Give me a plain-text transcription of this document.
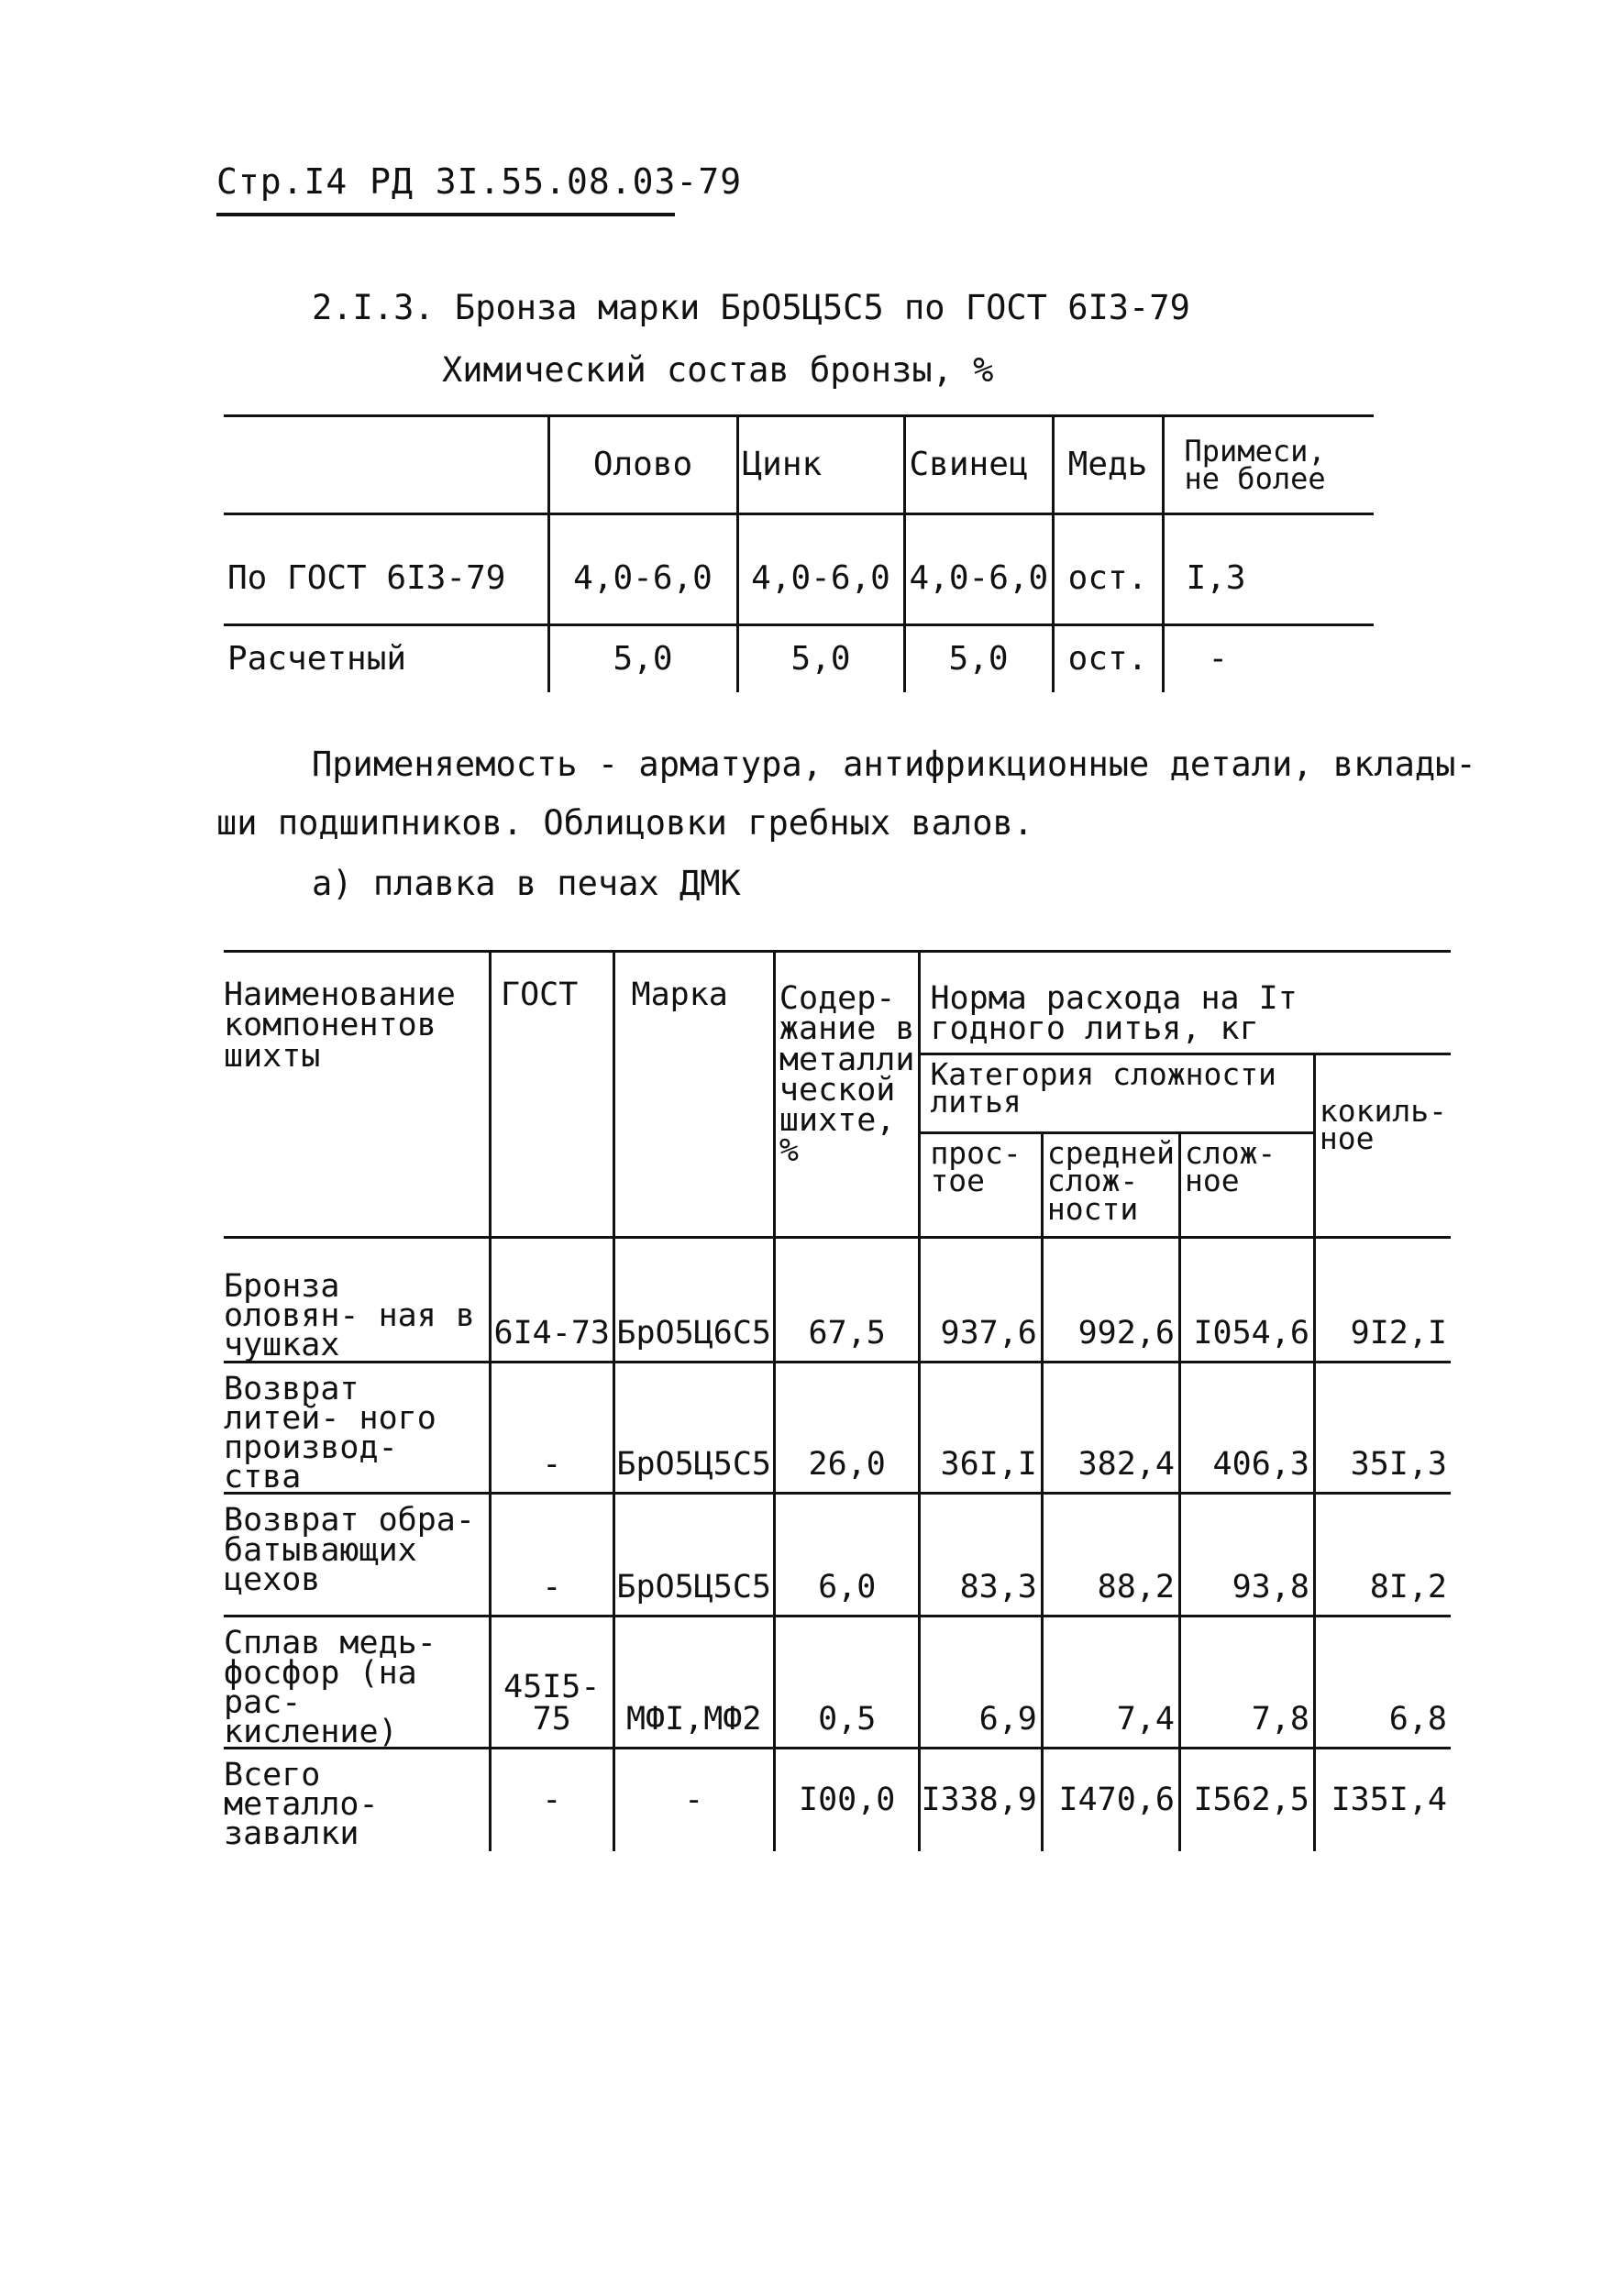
Стр.I4 РД 3I.55.08.03-79
2.I.3. Бронза марки БрО5Ц5С5 по ГОСТ 6I3-79
Химический состав бронзы, %
	Олово	Цинк	Свинец	Медь	Примеси, не более
По ГОСТ 6I3-79	4,0-6,0	4,0-6,0	4,0-6,0	ост.	I,3
Расчетный	5,0	5,0	5,0	ост.	-
Применяемость - арматура, антифрикционные детали, вклады-
ши подшипников. Облицовки гребных валов.
а) плавка в печах ДМК
Наименование компонентов шихты	ГОСТ	Марка	Содер- жание в металли ческой шихте, %	Норма расхода на Iт годного литья, кг			
				Категория сложности литья			кокиль- ное
				прос- тое	средней слож- ности	слож- ное	
Бронза оловян- ная в чушках	6I4-73	БрО5Ц6С5	67,5	937,6	992,6	I054,6	9I2,I
Возврат литей- ного производ- ства	-	БрО5Ц5С5	26,0	36I,I	382,4	406,3	35I,3
Возврат обра- батывающих цехов	-	БрО5Ц5С5	6,0	83,3	88,2	93,8	8I,2
Сплав медь- фосфор (на рас- кисление)	45I5-75	МФI,МФ2	0,5	6,9	7,4	7,8	6,8
Всего металло- завалки	-	-	I00,0	I338,9	I470,6	I562,5	I35I,4
